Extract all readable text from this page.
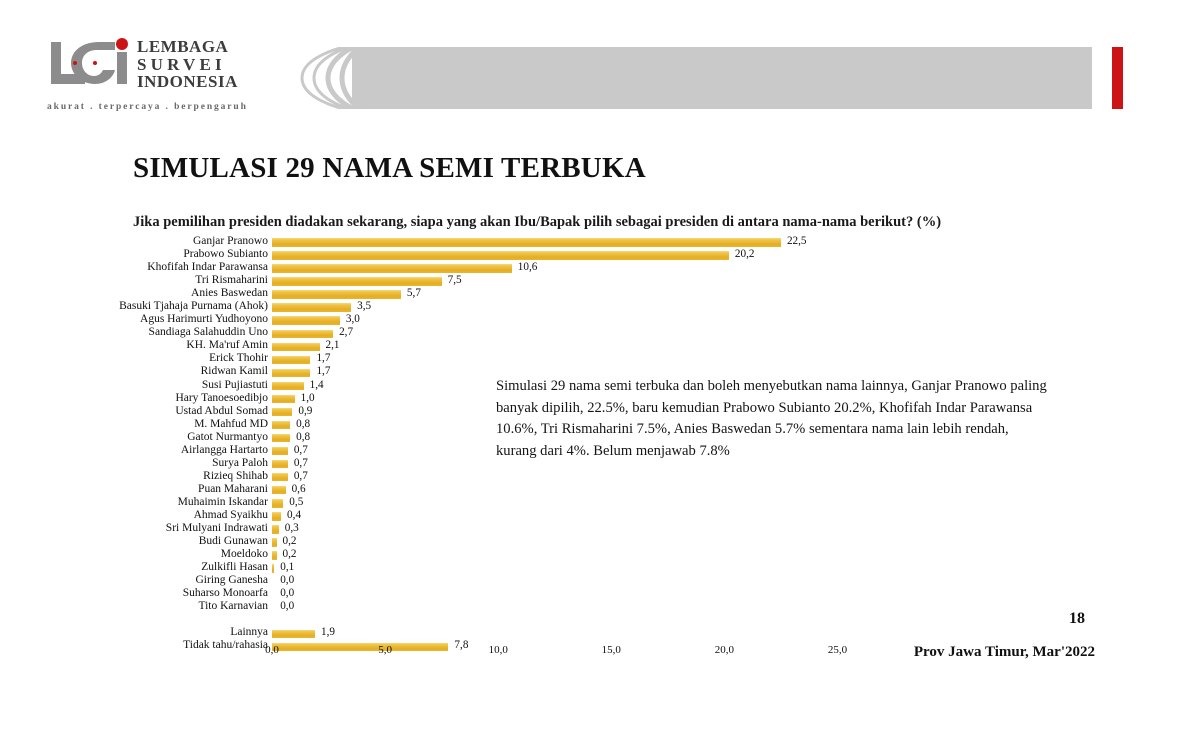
LEMBAGA
SURVEI
INDONESIA
akurat . terpercaya . berpengaruh
SIMULASI 29 NAMA SEMI TERBUKA
Jika pemilihan presiden diadakan sekarang, siapa yang akan Ibu/Bapak pilih sebagai presiden di antara nama-nama berikut? (%)
Ganjar Pranowo	22,5
Prabowo Subianto	20,2
Khofifah Indar Parawansa	10,6
Tri Rismaharini	7,5
Anies Baswedan	5,7
Basuki Tjahaja Purnama (Ahok)	3,5
Agus Harimurti Yudhoyono	3,0
Sandiaga Salahuddin Uno	2,7
KH. Ma'ruf Amin	2,1
Erick Thohir	1,7
Ridwan Kamil	1,7
Susi Pujiastuti	1,4
Hary Tanoesoedibjo	1,0
Ustad Abdul Somad	0,9
M. Mahfud MD	0,8
Gatot Nurmantyo	0,8
Airlangga Hartarto 0,7
Surya Paloh 0,7
Rizieq Shihab 0,7
Puan Maharani 0,6
Muhaimin Iskandar 0,5
Ahmad Syaikhu 0,4
Sri Mulyani Indrawati 0,3
Budi Gunawan 0,2
Moeldoko 0,2
Zulkifli Hasan 0,1
Giring Ganesha 0,0
Suharso Monoarfa 0,0
Tito Karnavian 0,0
Lainnya	1,9
Tidak tahu/rahasia	7,8
0,0	5,0	10,0	15,0	20,0	25,0
Simulasi 29 nama semi terbuka dan boleh menyebutkan nama lainnya, Ganjar Pranowo paling banyak dipilih, 22.5%, baru kemudian Prabowo Subianto 20.2%, Khofifah Indar Parawansa 10.6%, Tri Rismaharini 7.5%, Anies Baswedan 5.7% sementara nama lain lebih rendah, kurang dari 4%. Belum menjawab 7.8%
18
Prov Jawa Timur, Mar'2022
